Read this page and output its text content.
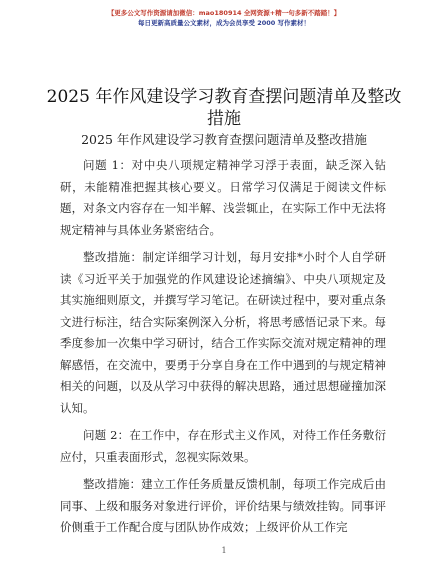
【更多公文写作资源请加微信：mao180914 全网资源+精一句多新不踏踏！】
每日更新高质量公文素材，成为会员享受 2000 写作素材！
2025 年作风建设学习教育查摆问题清单及整改措施
2025 年作风建设学习教育查摆问题清单及整改措施

问题 1：对中央八项规定精神学习浮于表面，缺乏深入钻研，未能精准把握其核心要义。日常学习仅满足于阅读文件标题，对条文内容存在一知半解、浅尝辄止，在实际工作中无法将规定精神与具体业务紧密结合。

整改措施：制定详细学习计划，每月安排*小时个人自学研读《习近平关于加强党的作风建设论述摘编》、中央八项规定及其实施细则原文，并撰写学习笔记。在研读过程中，要对重点条文进行标注，结合实际案例深入分析，将思考感悟记录下来。每季度参加一次集中学习研讨，结合工作实际交流对规定精神的理解感悟，在交流中，要勇于分享自身在工作中遇到的与规定精神相关的问题，以及从学习中获得的解决思路，通过思想碰撞加深认知。

问题 2：在工作中，存在形式主义作风，对待工作任务敷衍应付，只重表面形式，忽视实际效果。

整改措施：建立工作任务质量反馈机制，每项工作完成后由同事、上级和服务对象进行评价，评价结果与绩效挂钩。同事评价侧重于工作配合度与团队协作成效；上级评价从工作完

1
